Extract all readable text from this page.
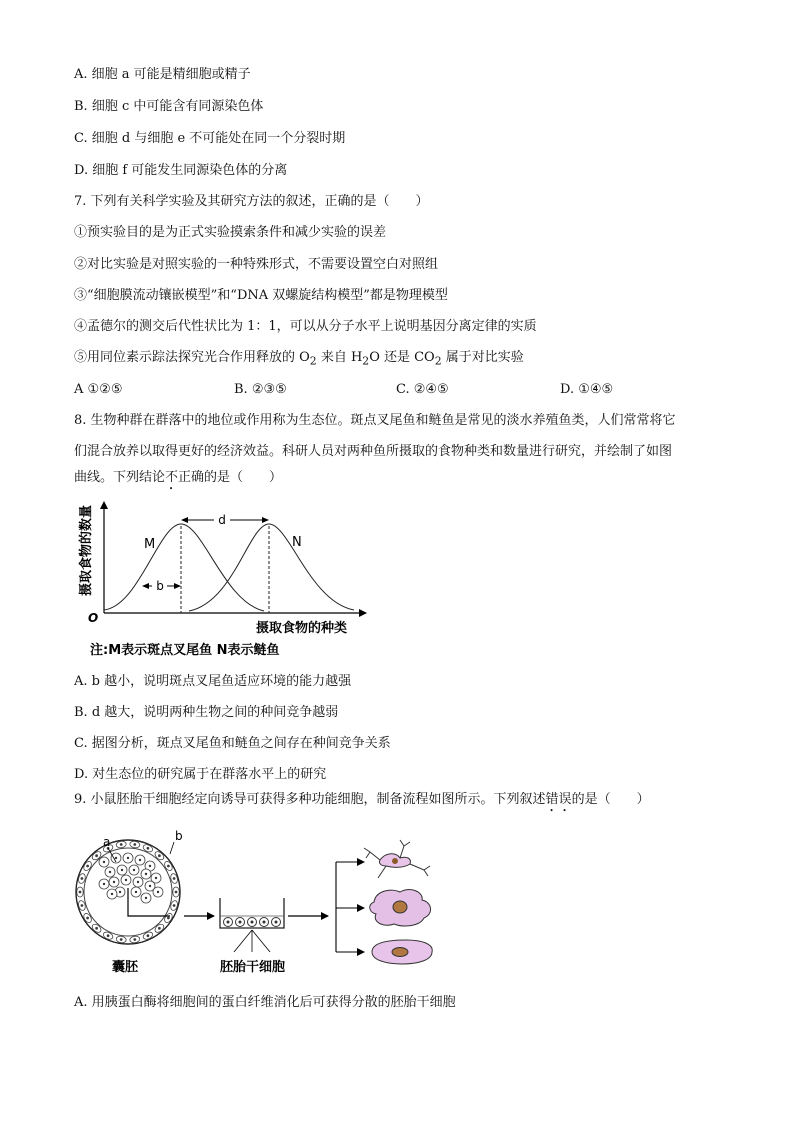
A. 细胞 a 可能是精细胞或精子
B. 细胞 c 中可能含有同源染色体
C. 细胞 d 与细胞 e 不可能处在同一个分裂时期
D. 细胞 f 可能发生同源染色体的分离
7. 下列有关科学实验及其研究方法的叙述，正确的是（　　）
①预实验目的是为正式实验摸索条件和减少实验的误差
②对比实验是对照实验的一种特殊形式，不需要设置空白对照组
③“细胞膜流动镶嵌模型”和“DNA 双螺旋结构模型”都是物理模型
④孟德尔的测交后代性状比为 1：1，可以从分子水平上说明基因分离定律的实质
⑤用同位素示踪法探究光合作用释放的 $O_2$ 来自 $H_2O$ 还是 $CO_2$ 属于对比实验
A ①②⑤	B. ②③⑤	C. ②④⑤	D. ①④⑤
8. 生物种群在群落中的地位或作用称为生态位。斑点叉尾鱼和鲢鱼是常见的淡水养殖鱼类，人们常常将它
们混合放养以取得更好的经济效益。科研人员对两种鱼所摄取的食物种类和数量进行研究，并绘制了如图
曲线。下列结论不正确的是（　　）
d
b
M	N
O
摄取食物的数量
摄取食物的种类
注:M表示斑点叉尾鱼 N表示鲢鱼
A. b 越小，说明斑点叉尾鱼适应环境的能力越强
B. d 越大，说明两种生物之间的种间竞争越弱
C. 据图分析，斑点叉尾鱼和鲢鱼之间存在种间竞争关系
D. 对生态位的研究属于在群落水平上的研究
9. 小鼠胚胎干细胞经定向诱导可获得多种功能细胞，制备流程如图所示。下列叙述错误的是（　　）
a	b
囊胚	胚胎干细胞
A. 用胰蛋白酶将细胞间的蛋白纤维消化后可获得分散的胚胎干细胞
